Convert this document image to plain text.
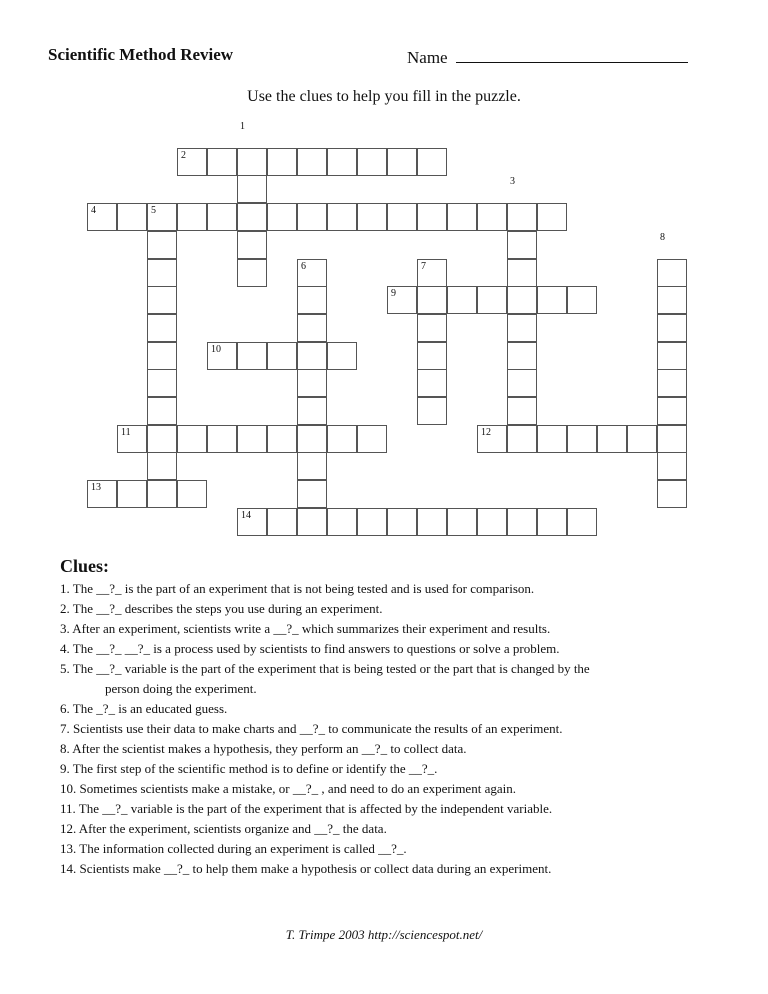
Scientific Method Review	Name
Use the clues to help you fill in the puzzle.
1
2
3
4	5
6	7
8
9
10
11	12
13
14
Clues:
1. The __?_ is the part of an experiment that is not being tested and is used for comparison.
2. The __?_ describes the steps you use during an experiment.
3. After an experiment, scientists write a __?_ which summarizes their experiment and results.
4. The __?_ __?_ is a process used by scientists to find answers to questions or solve a problem.
5. The __?_ variable is the part of the experiment that is being tested or the part that is changed by the
person doing the experiment.
6. The _?_ is an educated guess.
7. Scientists use their data to make charts and __?_ to communicate the results of an experiment.
8. After the scientist makes a hypothesis, they perform an __?_ to collect data.
9. The first step of the scientific method is to define or identify the __?_.
10. Sometimes scientists make a mistake, or __?_ , and need to do an experiment again.
11. The __?_ variable is the part of the experiment that is affected by the independent variable.
12. After the experiment, scientists organize and __?_ the data.
13. The information collected during an experiment is called __?_.
14. Scientists make __?_ to help them make a hypothesis or collect data during an experiment.
T. Trimpe 2003 http://sciencespot.net/
